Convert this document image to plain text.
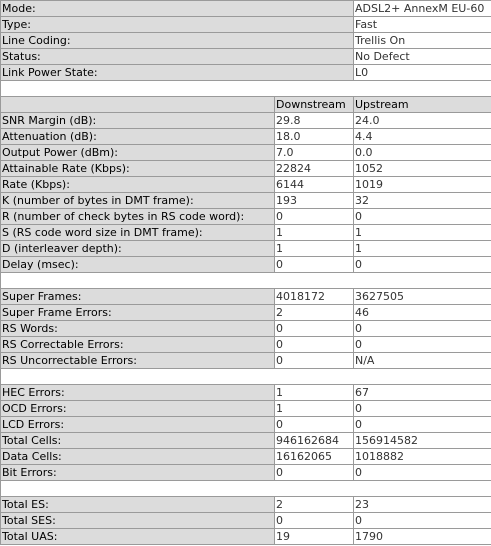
Mode:		ADSL2+ AnnexM EU-60
Type:		Fast
Line Coding:		Trellis On
Status:		No Defect
Link Power State:		L0

	Downstream	Upstream
SNR Margin (dB):	29.8	24.0
Attenuation (dB):	18.0	4.4
Output Power (dBm):	7.0	0.0
Attainable Rate (Kbps):	22824	1052
Rate (Kbps):	6144	1019
K (number of bytes in DMT frame):	193	32
R (number of check bytes in RS code word):	0	0
S (RS code word size in DMT frame):	1	1
D (interleaver depth):	1	1
Delay (msec):	0	0

Super Frames:	4018172	3627505
Super Frame Errors:	2	46
RS Words:	0	0
RS Correctable Errors:	0	0
RS Uncorrectable Errors:	0	N/A

HEC Errors:	1	67
OCD Errors:	1	0
LCD Errors:	0	0
Total Cells:	946162684	156914582
Data Cells:	16162065	1018882
Bit Errors:	0	0

Total ES:	2	23
Total SES:	0	0
Total UAS:	19	1790
